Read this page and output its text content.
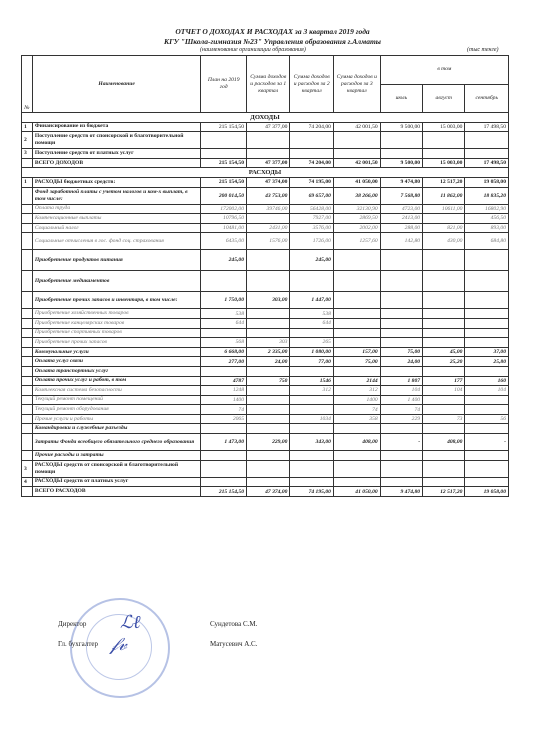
ОТЧЕТ О ДОХОДАХ И РАСХОДАХ за 3 квартал 2019 года
КГУ "Школа-гимназия №23" Управления образования г.Алматы
(наименование организации образования)	(тыс тенге)
№	Наименование	План на 2019 год	Сумма доходов и расходов за 1 квартал	Сумма доходов и расходов за 2 квартал	Сумма доходов и расходов за 3 квартал	в том		
						июль	август	сентябрь
ДОХОДЫ								
1	Финансирование из бюджета	215 154,50	47 377,00	74 204,00	42 001,50	9 500,00	15 003,00	17 498,50
2	Поступление средств от спонсорской и благотворительной помощи							
3	Поступление средств от платных услуг							
	ВСЕГО ДОХОДОВ	215 154,50	47 377,00	74 204,00	42 001,50	9 500,00	15 003,00	17 498,50
РАСХОДЫ								
1	РАСХОДЫ бюджетных средств:	215 154,50	47 374,00	74 195,00	41 050,00	9 474,80	12 517,20	19 058,00
	Фонд заработной платы с учетом налогов и ком-х выплат, в том числе:	200 014,50	43 753,00	69 657,00	38 266,00	7 568,80	11 862,00	18 835,20
	Оплата труда	172002,00	39746,00	56428,00	32130,90	4723,00	10611,00	16802,90
	Компенсационные выплаты	10796,50		7927,00	2869,50	2413,00		456,50
	Социальный налог	10481,00	2431,00	3576,00	2002,00	288,00	821,00	893,00
	Социальные отчисления в гос. фонд соц. страхования	6435,00	1576,00	1726,00	1257,60	142,80	430,00	684,80
	Приобретение продуктов питания	245,00		245,00				
	Приобретение медикаментов							
	Приобретение прочих запасов и инвентаря, в том числе:	1 750,00	303,00	1 447,00				
	Приобретение хозяйственных товаров	538		538				
	Приобретение канцелярских товаров	644		644				
	Приобретение спортивных товаров							
	Приобретение прочих запасов	568	303	265				
	Коммунальные услуги	6 668,00	2 335,00	1 080,00	157,00	75,00	45,00	37,00
	Оплата услуг связи	277,00	24,00	77,00	75,00	24,00	25,20	25,80
	Оплата транспортных услуг							
	Оплата прочих услуг и работ, в том	4787	750	1546	2144	1 807	177	160
	Комплексная система безопасности	1248		312	312	104	104	104
	Текущий ремонт помещений	1400			1400	1 400		
	Текущий ремонт оборудования	74			74	74		
	Прочие услуги и работы	2065		1034	358	229	73	56
	Командировки и служебные разъезды							
	Затраты Фонда всеобщего обязательного среднего образования	1 473,00	229,00	343,00	408,00	-	408,00	-
	Прочие расходы и затраты							
3	РАСХОДЫ средств от спонсорской и благотворительной помощи							
4	РАСХОДЫ средств от платных услуг							
	ВСЕГО РАСХОДОВ	215 154,50	47 374,00	74 195,00	41 050,00	9 474,80	12 517,20	19 058,00
ℒℓ
𝒻𝓋
Директор	Сундетова С.М.
Гл. бухгалтер	Матусевич А.С.
